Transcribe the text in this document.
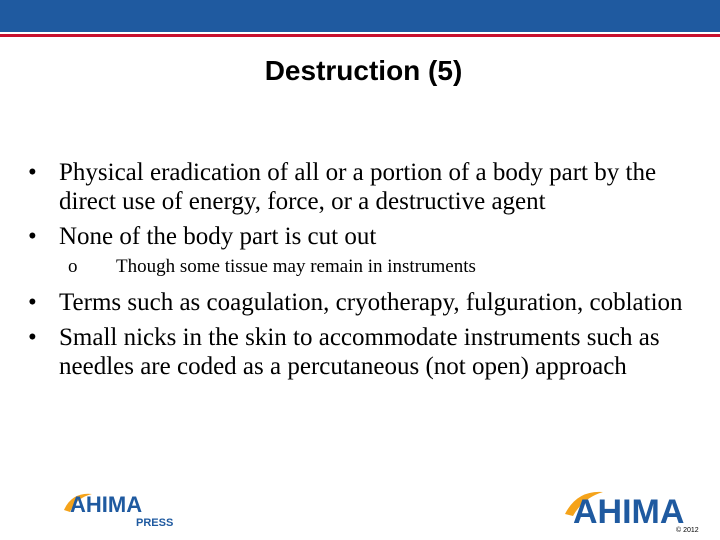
Destruction (5)
• Physical eradication of all or a portion of a body part by the direct use of energy, force, or a destructive agent
• None of the body part is cut out
o Though some tissue may remain in instruments
• Terms such as coagulation, cryotherapy, fulguration, coblation
• Small nicks in the skin to accommodate instruments such as needles are coded as a percutaneous (not open) approach
AHIMA
PRESS	AHIMA
© 2012
